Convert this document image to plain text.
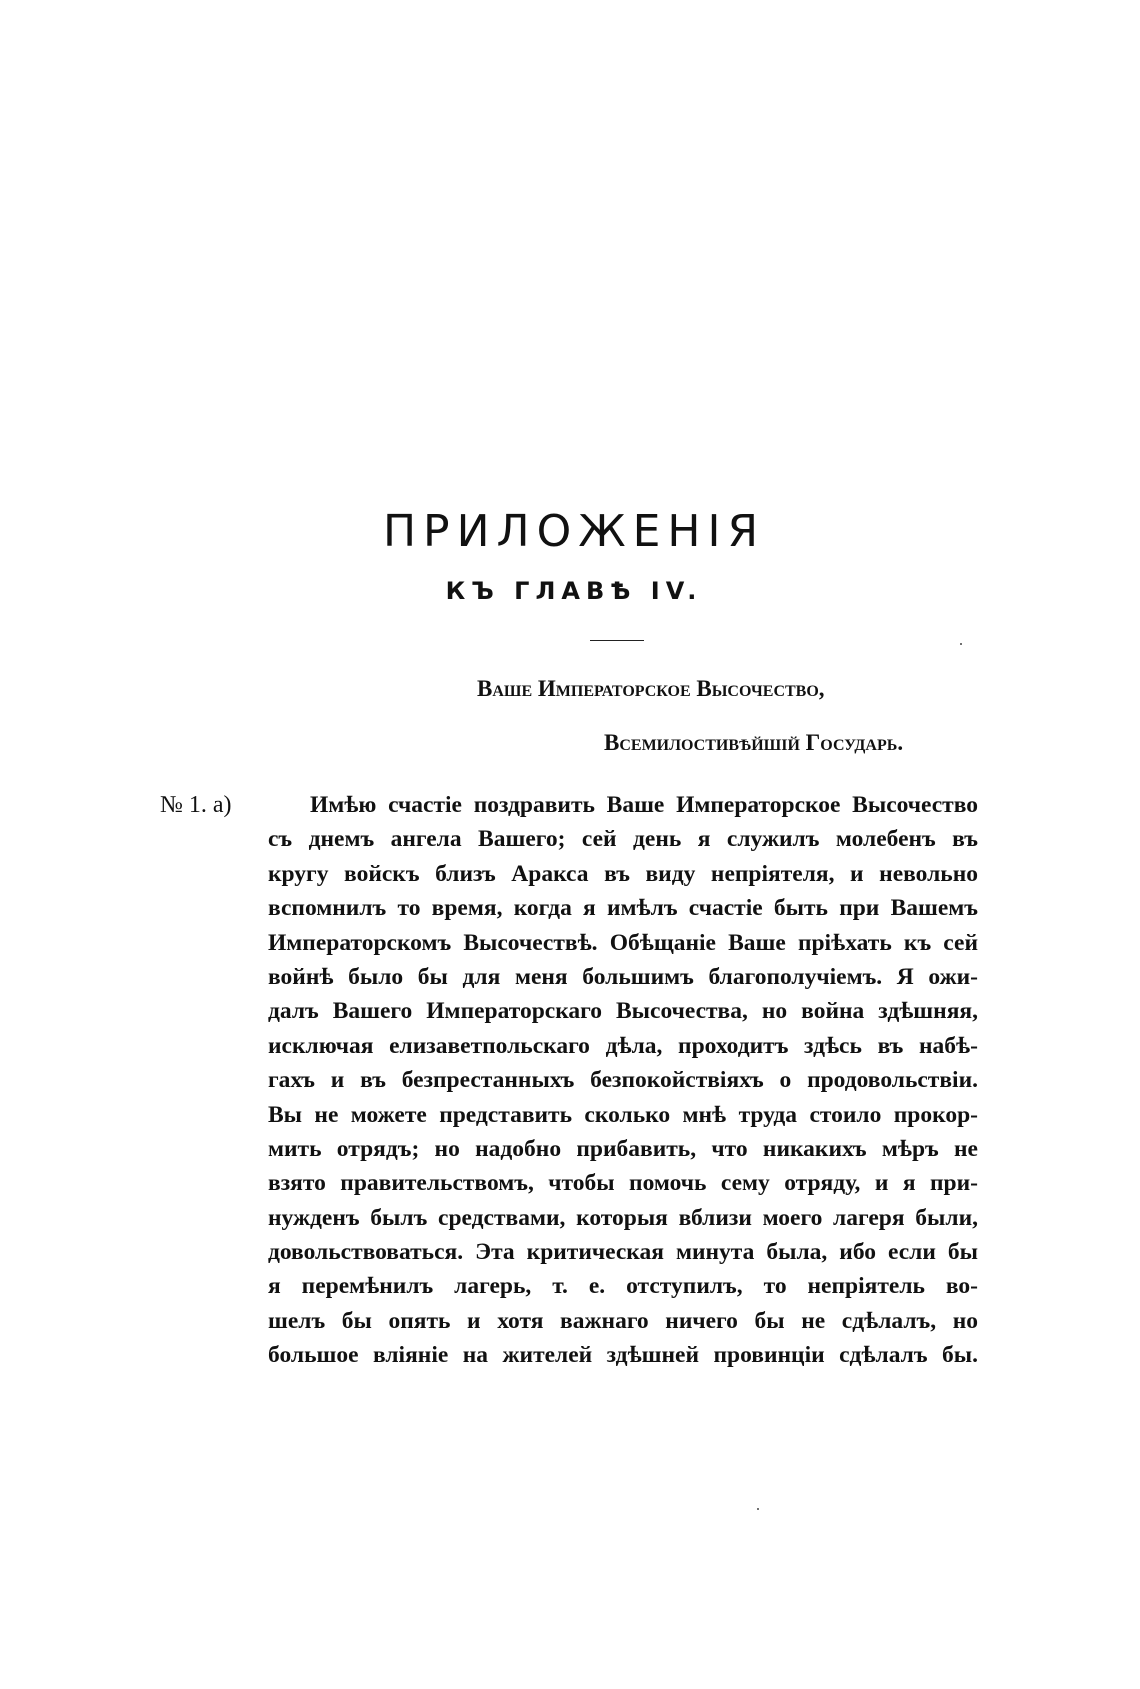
ПРИЛОЖЕНІЯ
КЪ ГЛАВѢ IV.
Ваше Императорское Высочество,
Всемилостивѣйшій Государь.
№ 1. а)	Имѣю счастіе поздравить Ваше Императорское Высочество
съ днемъ ангела Вашего; сей день я служилъ молебенъ въ
кругу войскъ близъ Аракса въ виду непріятеля, и невольно
вспомнилъ то время, когда я имѣлъ счастіе быть при Вашемъ
Императорскомъ Высочествѣ. Обѣщаніе Ваше пріѣхать къ сей
войнѣ было бы для меня большимъ благополучіемъ. Я ожи-
далъ Вашего Императорскаго Высочества, но война здѣшняя,
исключая елизаветпольскаго дѣла, проходитъ здѣсь въ набѣ-
гахъ и въ безпрестанныхъ безпокойствіяхъ о продовольствіи.
Вы не можете представить сколько мнѣ труда стоило прокор-
мить отрядъ; но надобно прибавить, что никакихъ мѣръ не
взято правительствомъ, чтобы помочь сему отряду, и я при-
нужденъ былъ средствами, которыя вблизи моего лагеря были,
довольствоваться. Эта критическая минута была, ибо если бы
я перемѣнилъ лагерь, т. е. отступилъ, то непріятель во-
шелъ бы опять и хотя важнаго ничего бы не сдѣлалъ, но
большое вліяніе на жителей здѣшней провинціи сдѣлалъ бы.
